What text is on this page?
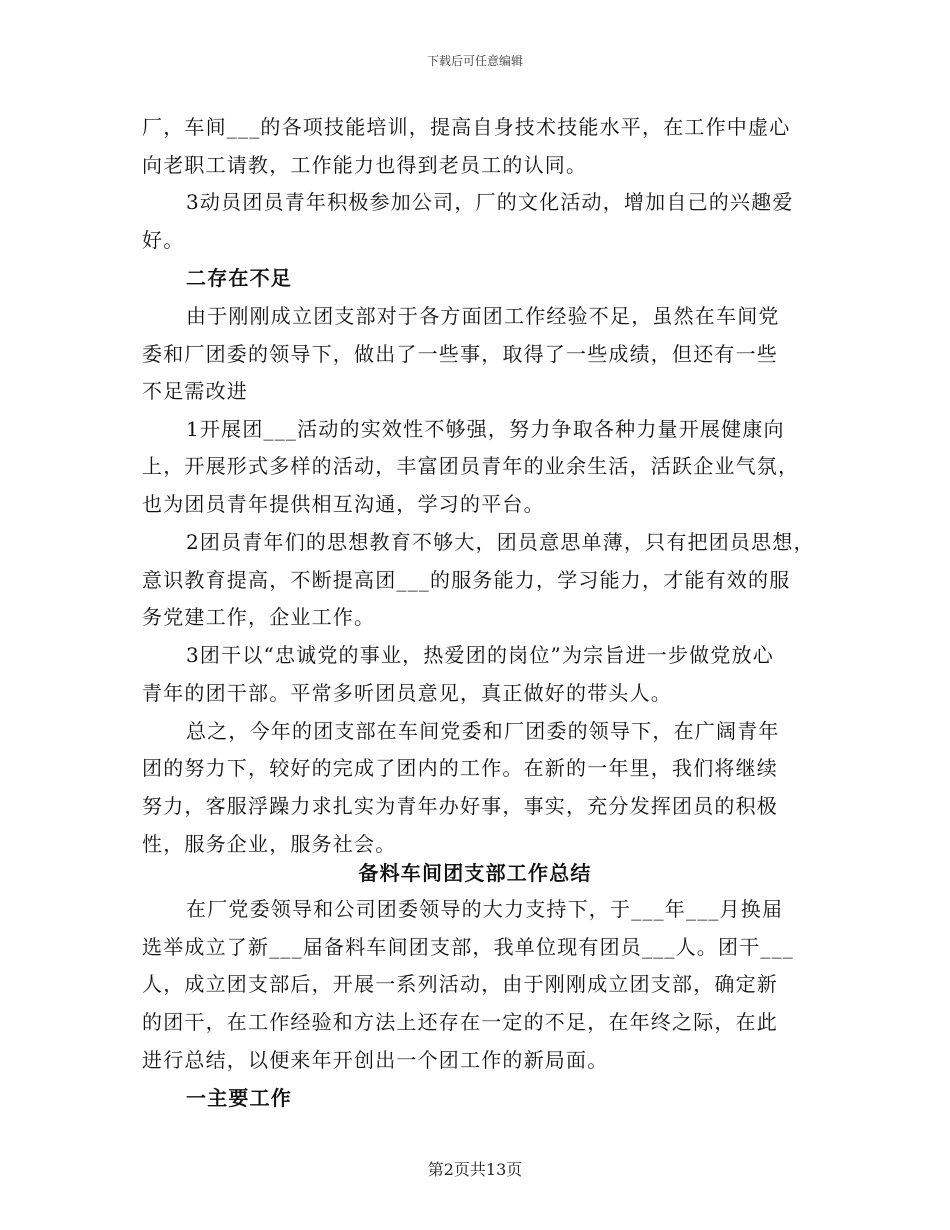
下载后可任意编辑
厂，车间___的各项技能培训，提高自身技术技能水平，在工作中虚心
向老职工请教，工作能力也得到老员工的认同。
3动员团员青年积极参加公司，厂的文化活动，增加自己的兴趣爱
好。
二存在不足
由于刚刚成立团支部对于各方面团工作经验不足，虽然在车间党
委和厂团委的领导下，做出了一些事，取得了一些成绩，但还有一些
不足需改进
1开展团___活动的实效性不够强，努力争取各种力量开展健康向
上，开展形式多样的活动，丰富团员青年的业余生活，活跃企业气氛，
也为团员青年提供相互沟通，学习的平台。
2团员青年们的思想教育不够大，团员意思单薄，只有把团员思想，
意识教育提高，不断提高团___的服务能力，学习能力，才能有效的服
务党建工作，企业工作。
3团干以“忠诚党的事业，热爱团的岗位”为宗旨进一步做党放心
青年的团干部。平常多听团员意见，真正做好的带头人。
总之，今年的团支部在车间党委和厂团委的领导下，在广阔青年
团的努力下，较好的完成了团内的工作。在新的一年里，我们将继续
努力，客服浮躁力求扎实为青年办好事，事实，充分发挥团员的积极
性，服务企业，服务社会。
备料车间团支部工作总结
在厂党委领导和公司团委领导的大力支持下，于___年___月换届
选举成立了新___届备料车间团支部，我单位现有团员___人。团干___
人，成立团支部后，开展一系列活动，由于刚刚成立团支部，确定新
的团干，在工作经验和方法上还存在一定的不足，在年终之际，在此
进行总结，以便来年开创出一个团工作的新局面。
一主要工作
第2页共13页
